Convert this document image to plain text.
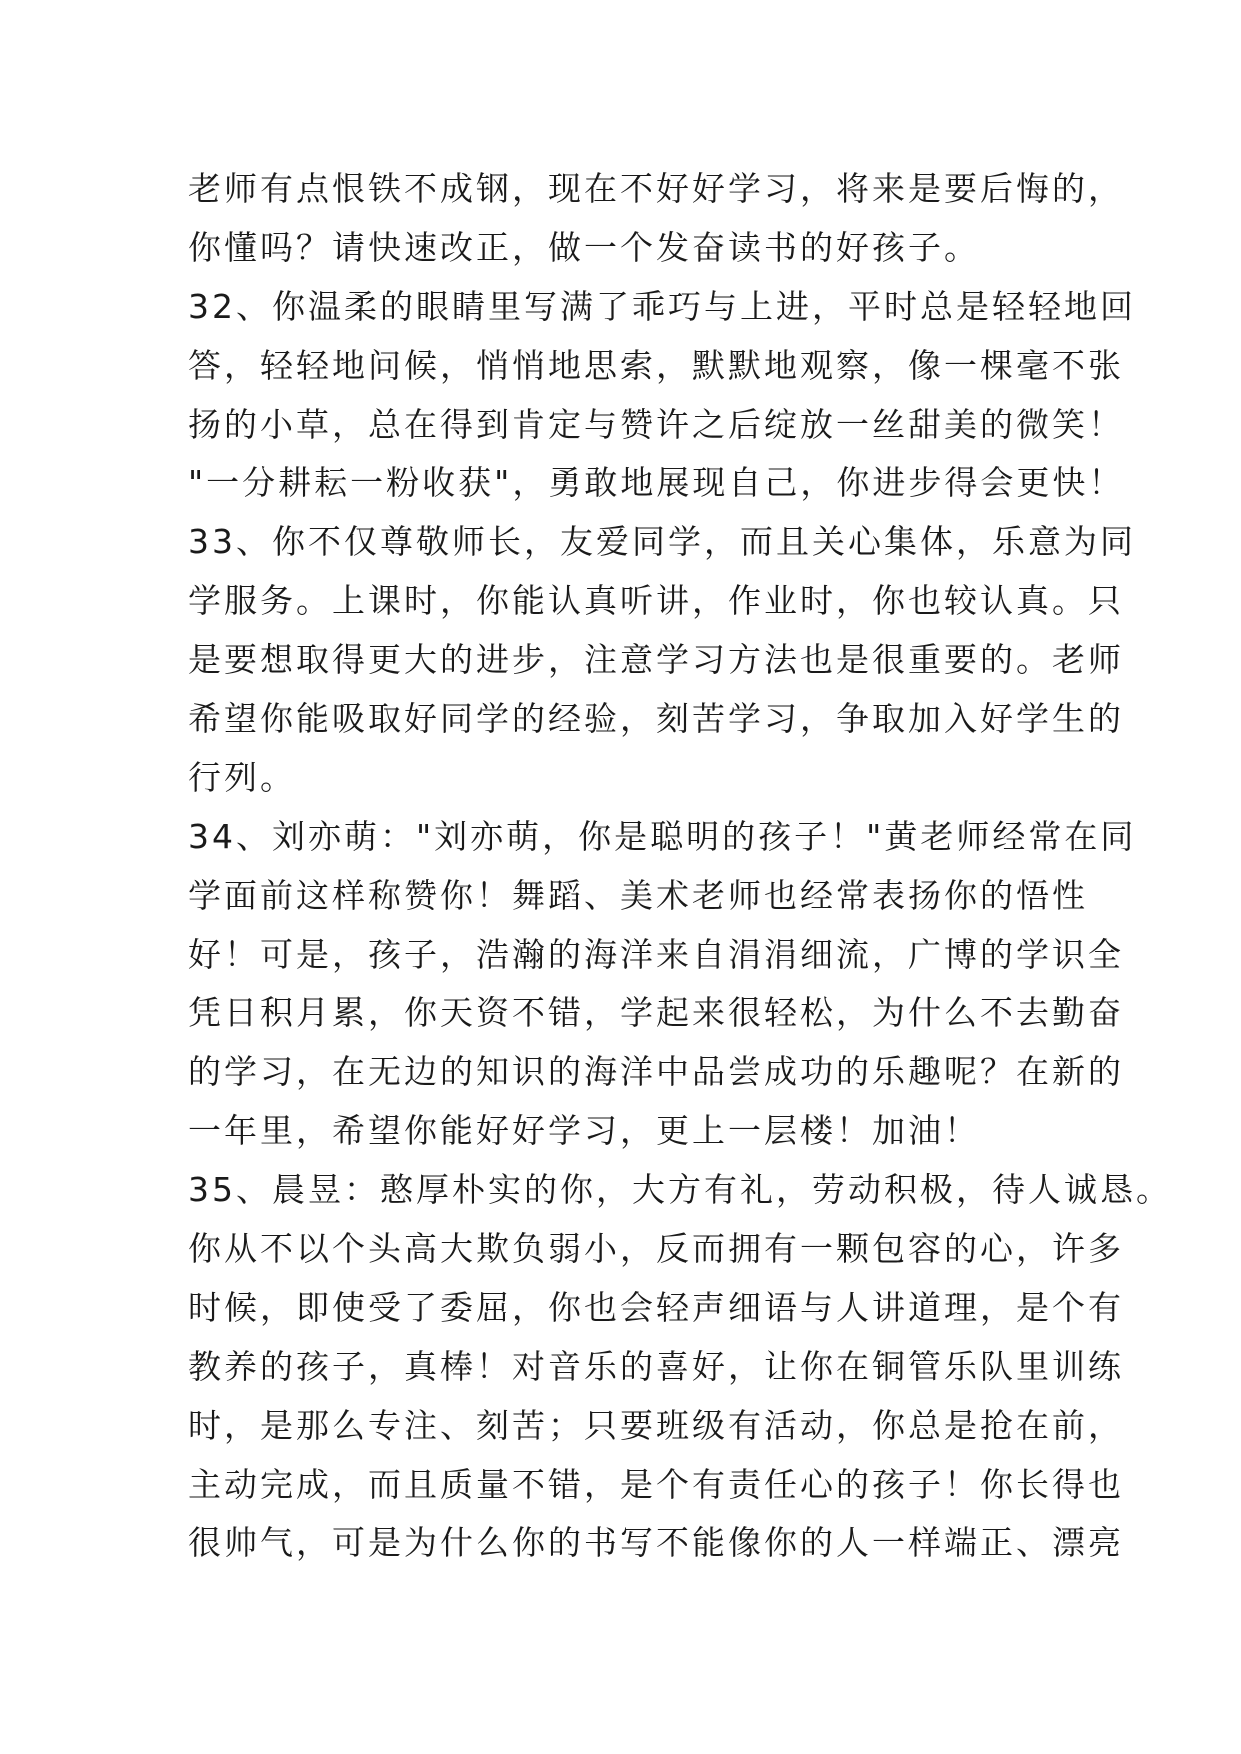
老师有点恨铁不成钢，现在不好好学习，将来是要后悔的，
你懂吗？请快速改正，做一个发奋读书的好孩子。
32、你温柔的眼睛里写满了乖巧与上进，平时总是轻轻地回
答，轻轻地问候，悄悄地思索，默默地观察，像一棵毫不张
扬的小草，总在得到肯定与赞许之后绽放一丝甜美的微笑！
"一分耕耘一粉收获"，勇敢地展现自己，你进步得会更快！
33、你不仅尊敬师长，友爱同学，而且关心集体，乐意为同
学服务。上课时，你能认真听讲，作业时，你也较认真。只
是要想取得更大的进步，注意学习方法也是很重要的。老师
希望你能吸取好同学的经验，刻苦学习，争取加入好学生的
行列。
34、刘亦萌："刘亦萌，你是聪明的孩子！"黄老师经常在同
学面前这样称赞你！舞蹈、美术老师也经常表扬你的悟性
好！可是，孩子，浩瀚的海洋来自涓涓细流，广博的学识全
凭日积月累，你天资不错，学起来很轻松，为什么不去勤奋
的学习，在无边的知识的海洋中品尝成功的乐趣呢？在新的
一年里，希望你能好好学习，更上一层楼！加油！
35、晨昱：憨厚朴实的你，大方有礼，劳动积极，待人诚恳。
你从不以个头高大欺负弱小，反而拥有一颗包容的心，许多
时候，即使受了委屈，你也会轻声细语与人讲道理，是个有
教养的孩子，真棒！对音乐的喜好，让你在铜管乐队里训练
时，是那么专注、刻苦；只要班级有活动，你总是抢在前，
主动完成，而且质量不错，是个有责任心的孩子！你长得也
很帅气，可是为什么你的书写不能像你的人一样端正、漂亮
